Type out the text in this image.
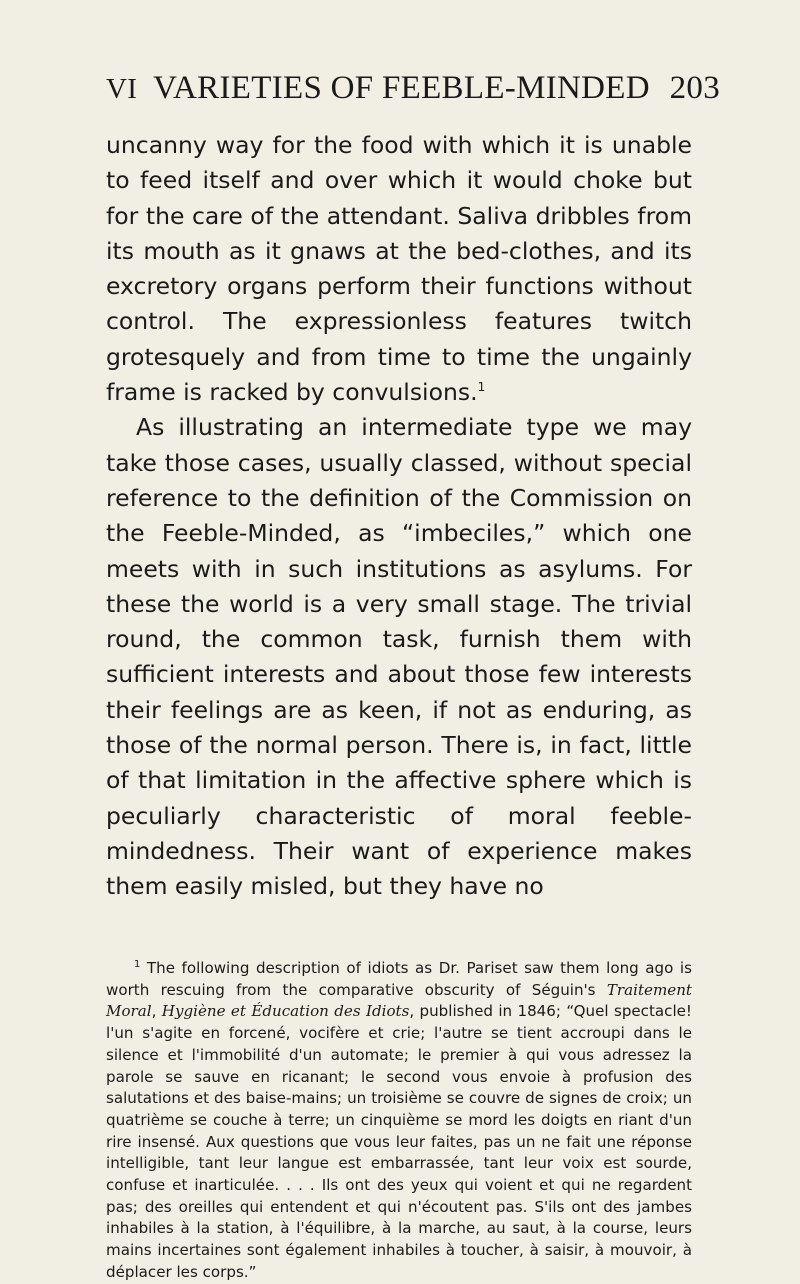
VI VARIETIES OF FEEBLE-MINDED 203

uncanny way for the food with which it is unable to feed itself and over which it would choke but for the care of the attendant. Saliva dribbles from its mouth as it gnaws at the bed-clothes, and its excretory organs perform their functions without control. The expressionless features twitch grotesquely and from time to time the ungainly frame is racked by convulsions.$^1$

As illustrating an intermediate type we may take those cases, usually classed, without special reference to the definition of the Commission on the Feeble-Minded, as “imbeciles,” which one meets with in such institutions as asylums. For these the world is a very small stage. The trivial round, the common task, furnish them with sufficient interests and about those few interests their feelings are as keen, if not as enduring, as those of the normal person. There is, in fact, little of that limitation in the affective sphere which is peculiarly characteristic of moral feeble-mindedness. Their want of experience makes them easily misled, but they have no

$^1$ The following description of idiots as Dr. Pariset saw them long ago is worth rescuing from the comparative obscurity of Séguin's Traitement Moral, Hygiène et Éducation des Idiots, published in 1846; “Quel spectacle! l'un s'agite en forcené, vocifère et crie; l'autre se tient accroupi dans le silence et l'immobilité d'un automate; le premier à qui vous adressez la parole se sauve en ricanant; le second vous envoie à profusion des salutations et des baise-mains; un troisième se couvre de signes de croix; un quatrième se couche à terre; un cinquième se mord les doigts en riant d'un rire insensé. Aux questions que vous leur faites, pas un ne fait une réponse intelligible, tant leur langue est embarrassée, tant leur voix est sourde, confuse et inarticulée. . . . Ils ont des yeux qui voient et qui ne regardent pas; des oreilles qui entendent et qui n'écoutent pas. S'ils ont des jambes inhabiles à la station, à l'équilibre, à la marche, au saut, à la course, leurs mains incertaines sont également inhabiles à toucher, à saisir, à mouvoir, à déplacer les corps.”
